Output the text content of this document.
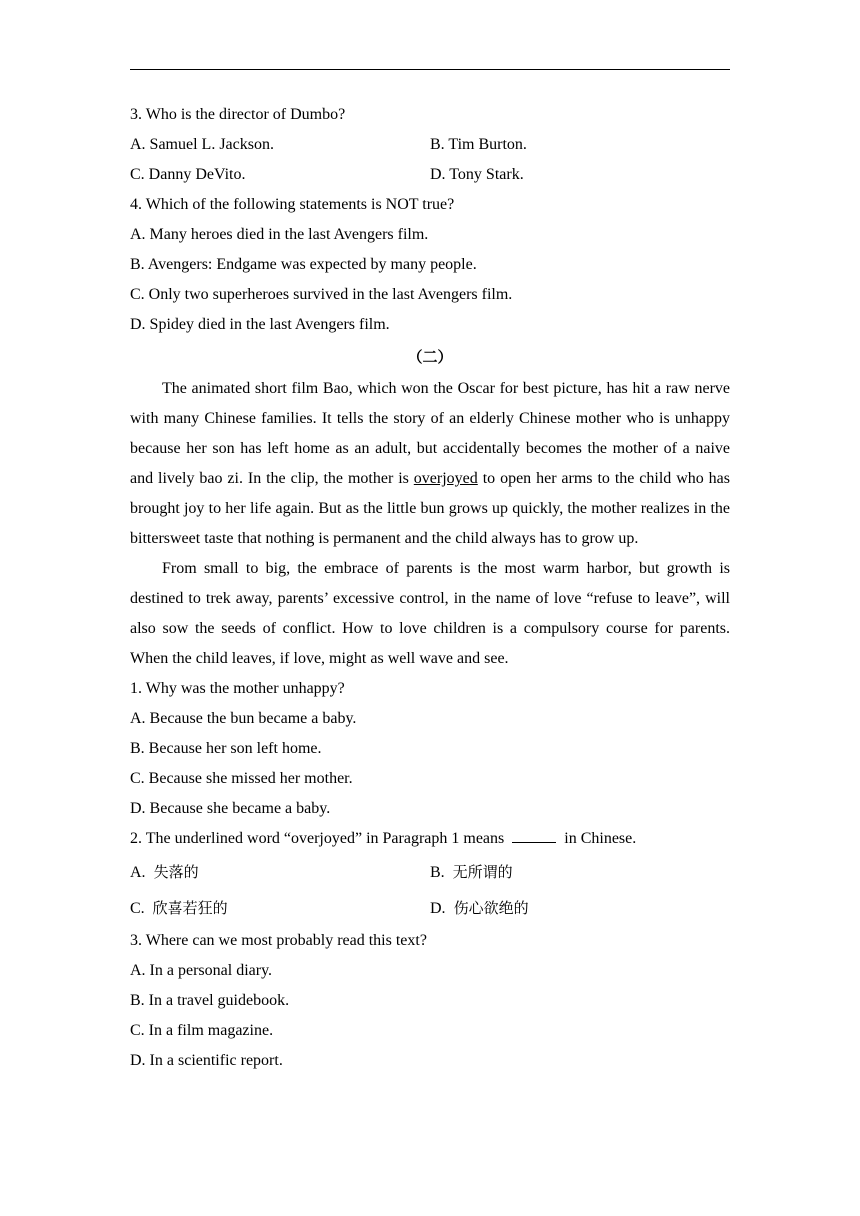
3. Who is the director of Dumbo?
A. Samuel L. Jackson.	B. Tim Burton.
C. Danny DeVito.	D. Tony Stark.
4. Which of the following statements is NOT true?
A. Many heroes died in the last Avengers film.
B. Avengers: Endgame was expected by many people.
C. Only two superheroes survived in the last Avengers film.
D. Spidey died in the last Avengers film.
（二）

The animated short film Bao, which won the Oscar for best picture, has hit a raw nerve with many Chinese families. It tells the story of an elderly Chinese mother who is unhappy because her son has left home as an adult, but accidentally becomes the mother of a naive and lively bao zi. In the clip, the mother is overjoyed to open her arms to the child who has brought joy to her life again. But as the little bun grows up quickly, the mother realizes in the bittersweet taste that nothing is permanent and the child always has to grow up.

From small to big, the embrace of parents is the most warm harbor, but growth is destined to trek away, parents’ excessive control, in the name of love “refuse to leave”, will also sow the seeds of conflict. How to love children is a compulsory course for parents. When the child leaves, if love, might as well wave and see.

1. Why was the mother unhappy?
A. Because the bun became a baby.
B. Because her son left home.
C. Because she missed her mother.
D. Because she became a baby.
2. The underlined word “overjoyed” in Paragraph 1 means	in Chinese.
A. 失落的	B. 无所谓的
C. 欣喜若狂的	D. 伤心欲绝的
3. Where can we most probably read this text?
A. In a personal diary.
B. In a travel guidebook.
C. In a film magazine.
D. In a scientific report.
